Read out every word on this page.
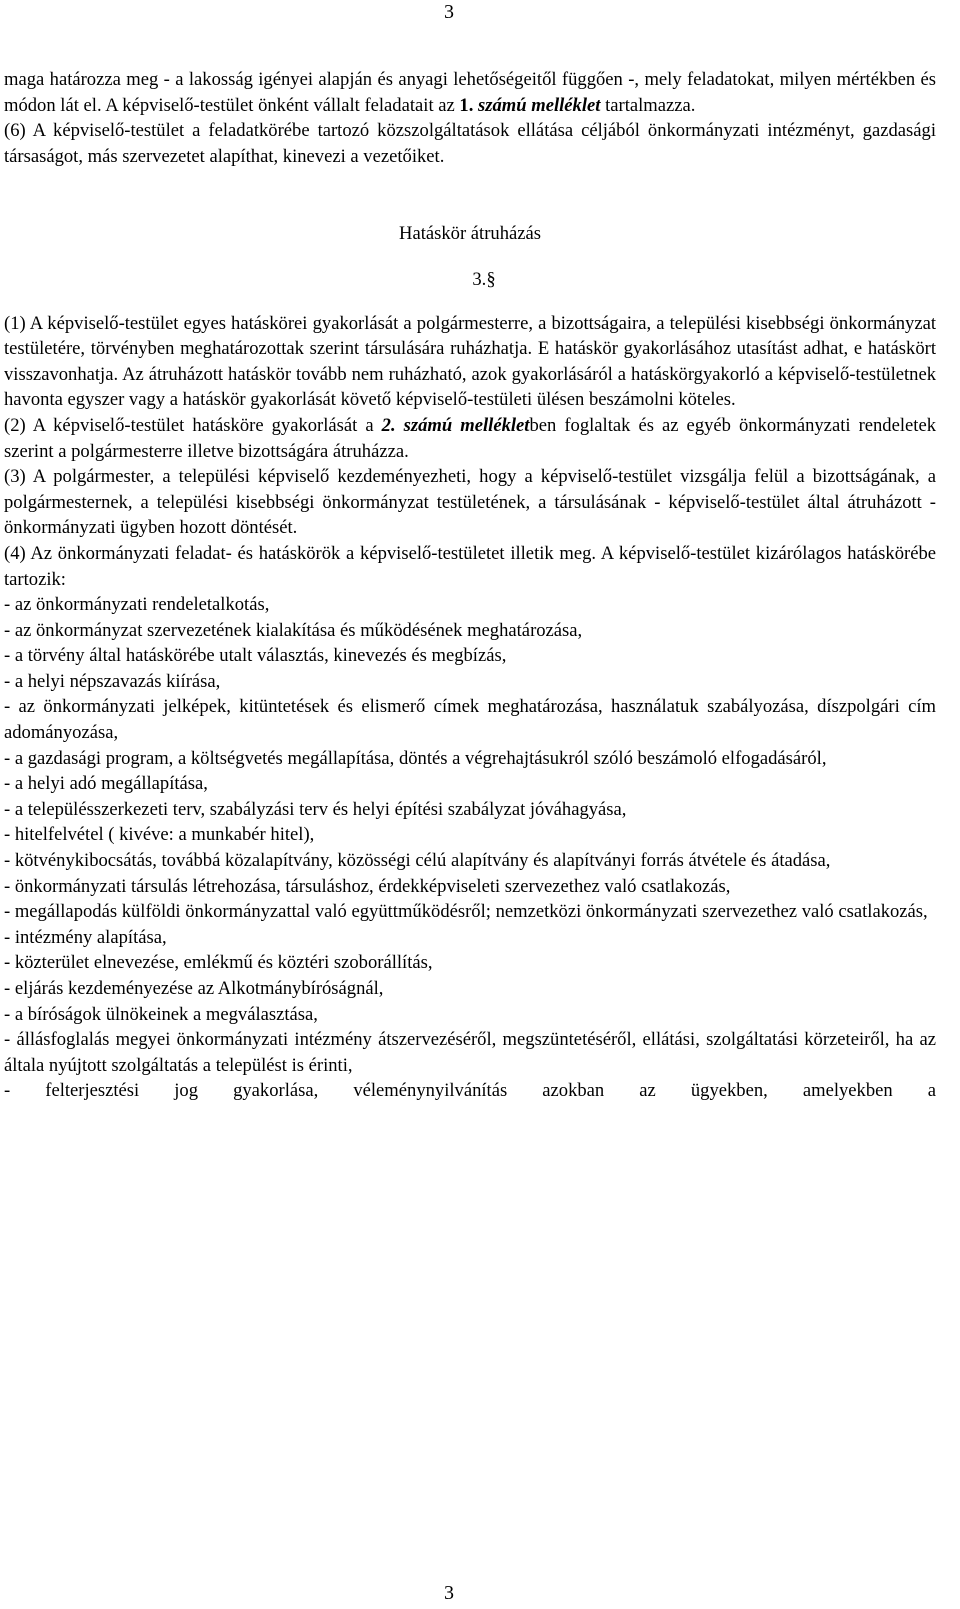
3

maga határozza meg - a lakosság igényei alapján és anyagi lehetőségeitől függően -, mely feladatokat, milyen mértékben és módon lát el. A képviselő-testület önként vállalt feladatait az 1. számú melléklet tartalmazza.

(6) A képviselő-testület a feladatkörébe tartozó közszolgáltatások ellátása céljából önkormányzati intézményt, gazdasági társaságot, más szervezetet alapíthat, kinevezi a vezetőiket.

Hatáskör átruházás
3.§

(1) A képviselő-testület egyes hatáskörei gyakorlását a polgármesterre, a bizottságaira, a települési kisebbségi önkormányzat testületére, törvényben meghatározottak szerint társulására ruházhatja. E hatáskör gyakorlásához utasítást adhat, e hatáskört visszavonhatja. Az átruházott hatáskör tovább nem ruházható, azok gyakorlásáról a hatáskörgyakorló a képviselő-testületnek havonta egyszer vagy a hatáskör gyakorlását követő képviselő-testületi ülésen beszámolni köteles.

(2) A képviselő-testület hatásköre gyakorlását a 2. számú mellékletben foglaltak és az egyéb önkormányzati rendeletek szerint a polgármesterre illetve bizottságára átruházza.

(3) A polgármester, a települési képviselő kezdeményezheti, hogy a képviselő-testület vizsgálja felül a bizottságának, a polgármesternek, a települési kisebbségi önkormányzat testületének, a társulásának - képviselő-testület által átruházott - önkormányzati ügyben hozott döntését.

(4) Az önkormányzati feladat- és hatáskörök a képviselő-testületet illetik meg. A képviselő-testület kizárólagos hatáskörébe tartozik:

- az önkormányzati rendeletalkotás,

- az önkormányzat szervezetének kialakítása és működésének meghatározása,

- a törvény által hatáskörébe utalt választás, kinevezés és megbízás,

- a helyi népszavazás kiírása,

- az önkormányzati jelképek, kitüntetések és elismerő címek meghatározása, használatuk szabályozása, díszpolgári cím adományozása,

- a gazdasági program, a költségvetés megállapítása, döntés a végrehajtásukról szóló beszámoló elfogadásáról,

- a helyi adó megállapítása,

- a településszerkezeti terv, szabályzási terv és helyi építési szabályzat jóváhagyása,

- hitelfelvétel ( kivéve: a munkabér hitel),

- kötvénykibocsátás, továbbá közalapítvány, közösségi célú alapítvány és alapítványi forrás átvétele és átadása,

- önkormányzati társulás létrehozása, társuláshoz, érdekképviseleti szervezethez való csatlakozás,

- megállapodás külföldi önkormányzattal való együttműködésről; nemzetközi önkormányzati szervezethez való csatlakozás,

- intézmény alapítása,

- közterület elnevezése, emlékmű és köztéri szoborállítás,

- eljárás kezdeményezése az Alkotmánybíróságnál,

- a bíróságok ülnökeinek a megválasztása,

- állásfoglalás megyei önkormányzati intézmény átszervezéséről, megszüntetéséről, ellátási, szolgáltatási körzeteiről, ha az általa nyújtott szolgáltatás a települést is érinti,

- felterjesztési jog gyakorlása, véleménynyilvánítás azokban az ügyekben, amelyekben a

3
